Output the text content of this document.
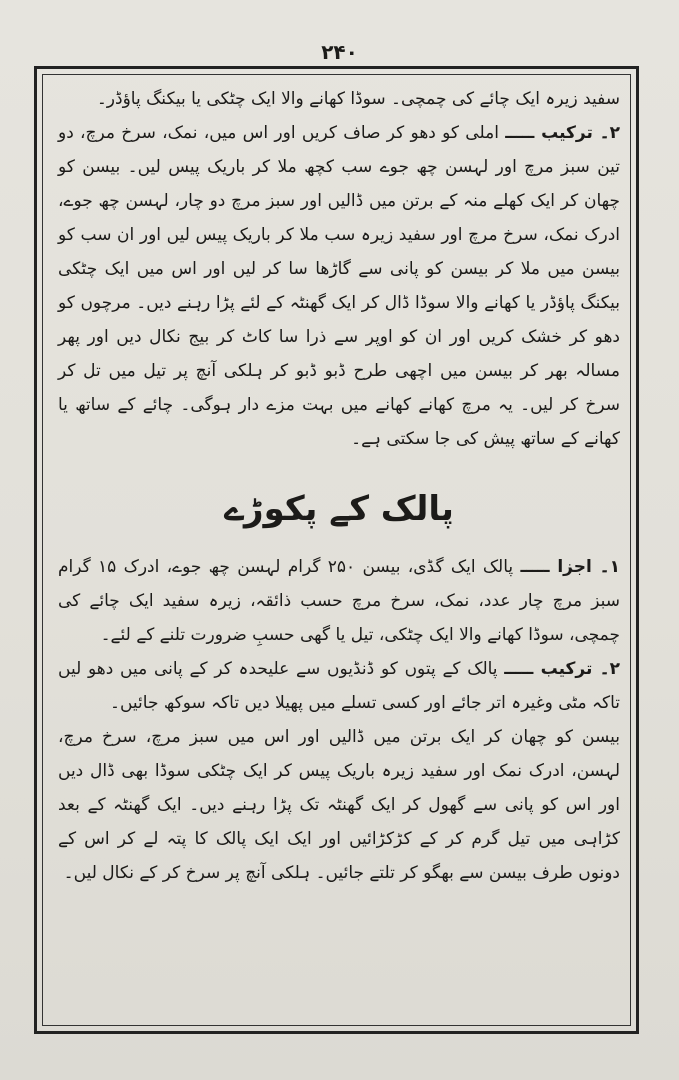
۲۴۰

سفید زیرہ ایک چائے کی چمچی۔ سوڈا کھانے والا ایک چٹکی یا بیکنگ پاؤڈر۔

۲۔ ترکیب ـــــ املی کو دھو کر صاف کریں اور اس میں، نمک، سرخ مرچ، دو تین سبز مرچ اور لہسن چھ جوے سب کچھ ملا کر باریک پیس لیں۔ بیسن کو چھان کر ایک کھلے منہ کے برتن میں ڈالیں اور سبز مرچ دو چار، لہسن چھ جوے، ادرک نمک، سرخ مرچ اور سفید زیرہ سب ملا کر باریک پیس لیں اور ان سب کو بیسن میں ملا کر بیسن کو پانی سے گاڑھا سا کر لیں اور اس میں ایک چٹکی بیکنگ پاؤڈر یا کھانے والا سوڈا ڈال کر ایک گھنٹہ کے لئے پڑا رہنے دیں۔ مرچوں کو دھو کر خشک کریں اور ان کو اوپر سے ذرا سا کاٹ کر بیج نکال دیں اور پھر مسالہ بھر کر بیسن میں اچھی طرح ڈبو ڈبو کر ہلکی آنچ پر تیل میں تل کر سرخ کر لیں۔ یہ مرچ کھانے کھانے میں بہت مزے دار ہوگی۔ چائے کے ساتھ یا کھانے کے ساتھ پیش کی جا سکتی ہے۔

پالک کے پکوڑے

۱۔ اجزا ـــــ پالک ایک گڈی، بیسن ۲۵۰ گرام لہسن چھ جوے، ادرک ۱۵ گرام سبز مرچ چار عدد، نمک، سرخ مرچ حسب ذائقہ، زیرہ سفید ایک چائے کی چمچی، سوڈا کھانے والا ایک چٹکی، تیل یا گھی حسبِ ضرورت تلنے کے لئے۔

۲۔ ترکیب ـــــ پالک کے پتوں کو ڈنڈیوں سے علیحدہ کر کے پانی میں دھو لیں تاکہ مٹی وغیرہ اتر جائے اور کسی تسلے میں پھیلا دیں تاکہ سوکھ جائیں۔

بیسن کو چھان کر ایک برتن میں ڈالیں اور اس میں سبز مرچ، سرخ مرچ، لہسن، ادرک نمک اور سفید زیرہ باریک پیس کر ایک چٹکی سوڈا بھی ڈال دیں اور اس کو پانی سے گھول کر ایک گھنٹہ تک پڑا رہنے دیں۔ ایک گھنٹہ کے بعد کڑاہی میں تیل گرم کر کے کڑکڑائیں اور ایک ایک پالک کا پتہ لے کر اس کے دونوں طرف بیسن سے بھگو کر تلتے جائیں۔ ہلکی آنچ پر سرخ کر کے نکال لیں۔
